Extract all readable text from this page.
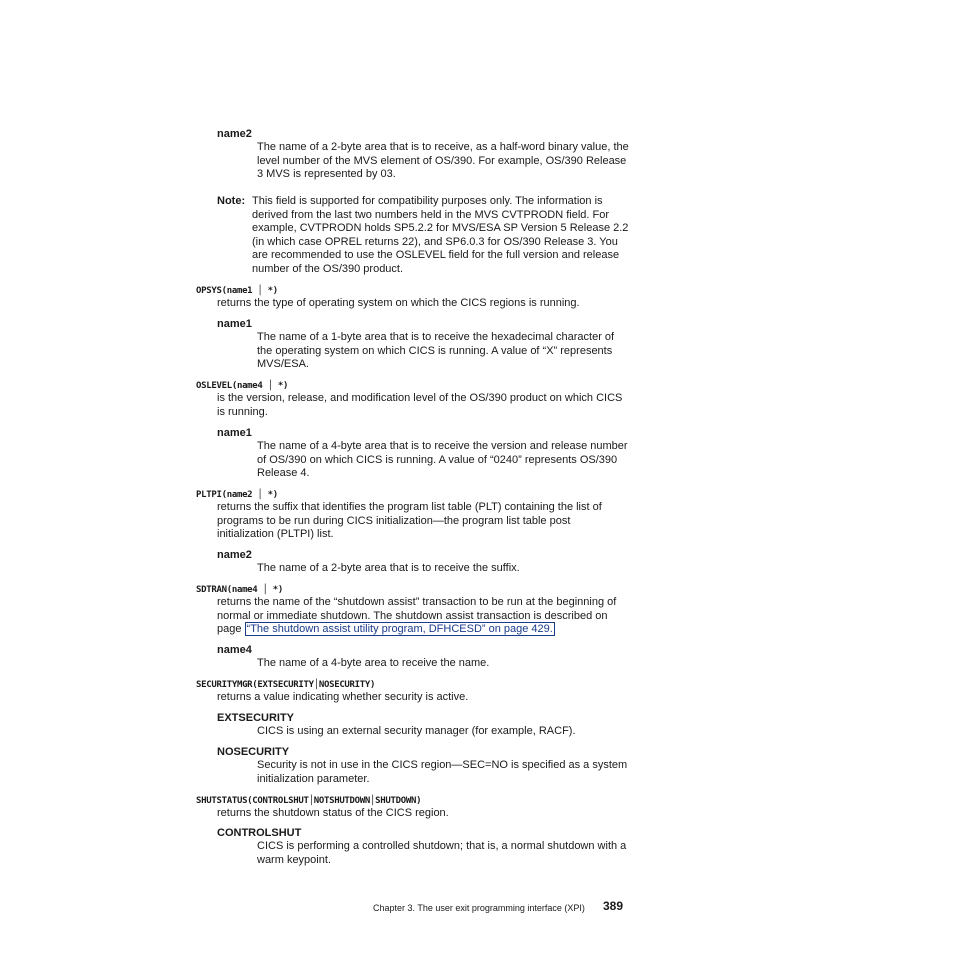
name2
The name of a 2-byte area that is to receive, as a half-word binary value, the level number of the MVS element of OS/390. For example, OS/390 Release 3 MVS is represented by 03.
Note: This field is supported for compatibility purposes only. The information is derived from the last two numbers held in the MVS CVTPRODN field. For example, CVTPRODN holds SP5.2.2 for MVS/ESA SP Version 5 Release 2.2 (in which case OPREL returns 22), and SP6.0.3 for OS/390 Release 3. You are recommended to use the OSLEVEL field for the full version and release number of the OS/390 product.
OPSYS(name1 │ *)
returns the type of operating system on which the CICS regions is running.
name1
The name of a 1-byte area that is to receive the hexadecimal character of the operating system on which CICS is running. A value of “X” represents MVS/ESA.
OSLEVEL(name4 │ *)
is the version, release, and modification level of the OS/390 product on which CICS is running.
name1
The name of a 4-byte area that is to receive the version and release number of OS/390 on which CICS is running. A value of “0240” represents OS/390 Release 4.
PLTPI(name2 │ *)
returns the suffix that identifies the program list table (PLT) containing the list of programs to be run during CICS initialization—the program list table post initialization (PLTPI) list.
name2
The name of a 2-byte area that is to receive the suffix.
SDTRAN(name4 │ *)
returns the name of the “shutdown assist” transaction to be run at the beginning of normal or immediate shutdown. The shutdown assist transaction is described on page “The shutdown assist utility program, DFHCESD” on page 429.
name4
The name of a 4-byte area to receive the name.
SECURITYMGR(EXTSECURITY│NOSECURITY)
returns a value indicating whether security is active.
EXTSECURITY
CICS is using an external security manager (for example, RACF).
NOSECURITY
Security is not in use in the CICS region—SEC=NO is specified as a system initialization parameter.
SHUTSTATUS(CONTROLSHUT│NOTSHUTDOWN│SHUTDOWN)
returns the shutdown status of the CICS region.
CONTROLSHUT
CICS is performing a controlled shutdown; that is, a normal shutdown with a warm keypoint.
Chapter 3. The user exit programming interface (XPI) 389
